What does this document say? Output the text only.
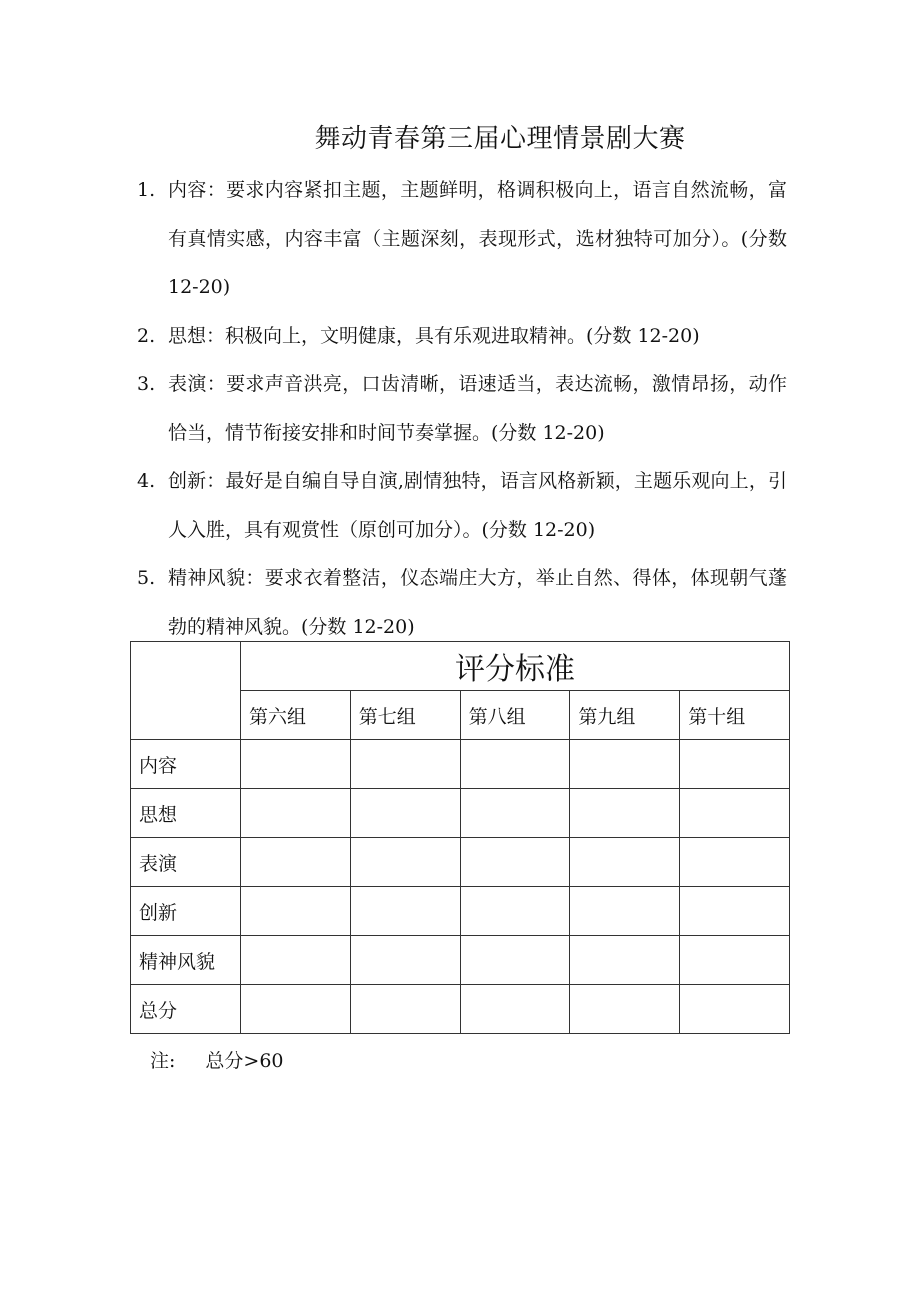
舞动青春第三届心理情景剧大赛
1. 内容：要求内容紧扣主题，主题鲜明，格调积极向上，语言自然流畅，富有真情实感，内容丰富（主题深刻，表现形式，选材独特可加分）。(分数 12-20)
2. 思想：积极向上，文明健康，具有乐观进取精神。(分数 12-20)
3. 表演：要求声音洪亮，口齿清晰，语速适当，表达流畅，激情昂扬，动作恰当，情节衔接安排和时间节奏掌握。(分数 12-20)
4. 创新：最好是自编自导自演,剧情独特，语言风格新颖，主题乐观向上，引人入胜，具有观赏性（原创可加分）。(分数 12-20)
5. 精神风貌：要求衣着整洁，仪态端庄大方，举止自然、得体，体现朝气蓬勃的精神风貌。(分数 12-20)
	评分标准				
	第六组	第七组	第八组	第九组	第十组
内容					
思想					
表演					
创新					
精神风貌					
总分					
注: 总分>60
